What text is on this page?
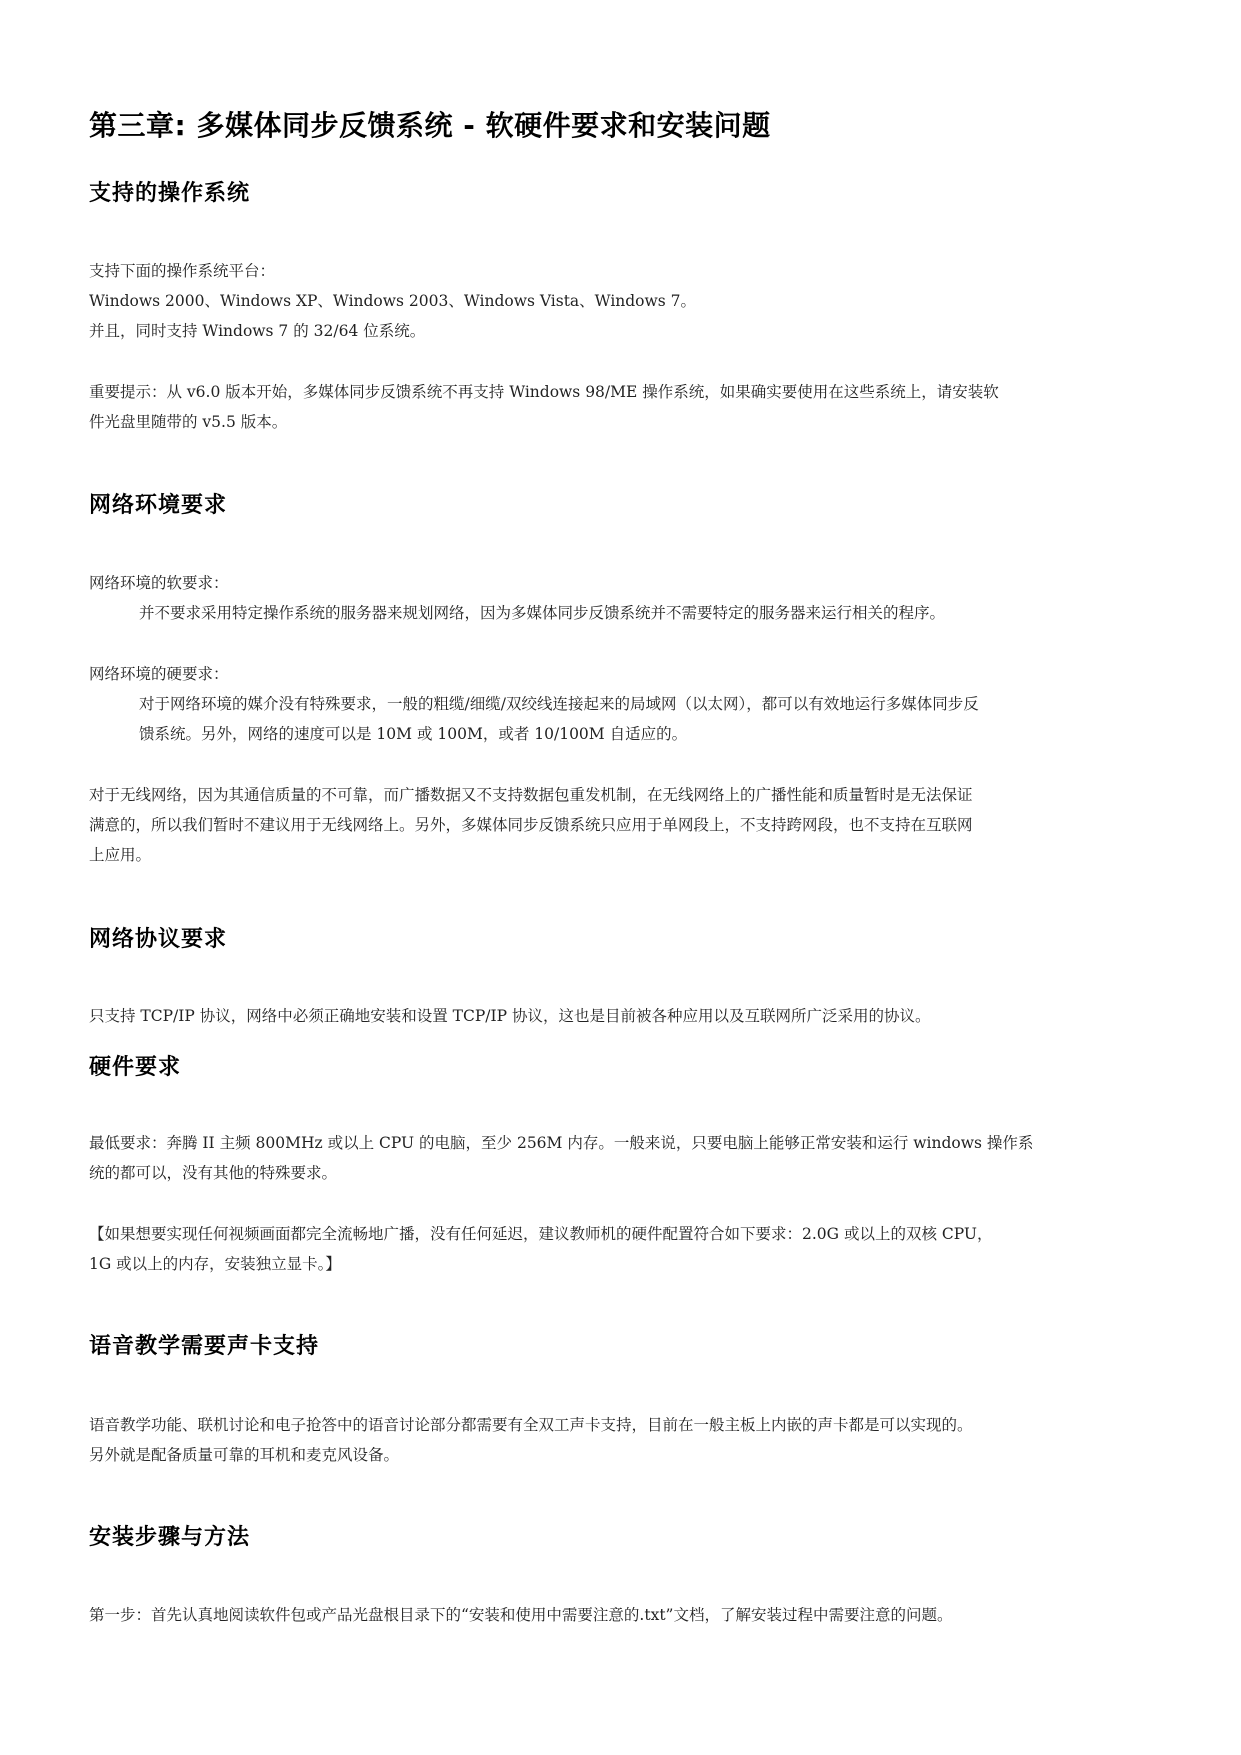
第三章: 多媒体同步反馈系统 - 软硬件要求和安装问题
支持的操作系统
支持下面的操作系统平台：
Windows 2000、Windows XP、Windows 2003、Windows Vista、Windows 7。
并且，同时支持 Windows 7 的 32/64 位系统。
重要提示：从 v6.0 版本开始，多媒体同步反馈系统不再支持 Windows 98/ME 操作系统，如果确实要使用在这些系统上，请安装软
件光盘里随带的 v5.5 版本。
网络环境要求
网络环境的软要求：
并不要求采用特定操作系统的服务器来规划网络，因为多媒体同步反馈系统并不需要特定的服务器来运行相关的程序。
网络环境的硬要求：
对于网络环境的媒介没有特殊要求，一般的粗缆/细缆/双绞线连接起来的局域网（以太网），都可以有效地运行多媒体同步反
馈系统。另外，网络的速度可以是 10M 或 100M，或者 10/100M 自适应的。
对于无线网络，因为其通信质量的不可靠，而广播数据又不支持数据包重发机制，在无线网络上的广播性能和质量暂时是无法保证
满意的，所以我们暂时不建议用于无线网络上。另外，多媒体同步反馈系统只应用于单网段上，不支持跨网段，也不支持在互联网
上应用。
网络协议要求
只支持 TCP/IP 协议，网络中必须正确地安装和设置 TCP/IP 协议，这也是目前被各种应用以及互联网所广泛采用的协议。
硬件要求
最低要求：奔腾 II 主频 800MHz 或以上 CPU 的电脑，至少 256M 内存。一般来说，只要电脑上能够正常安装和运行 windows 操作系
统的都可以，没有其他的特殊要求。
【如果想要实现任何视频画面都完全流畅地广播，没有任何延迟，建议教师机的硬件配置符合如下要求：2.0G 或以上的双核 CPU，
1G 或以上的内存，安装独立显卡。】
语音教学需要声卡支持
语音教学功能、联机讨论和电子抢答中的语音讨论部分都需要有全双工声卡支持，目前在一般主板上内嵌的声卡都是可以实现的。
另外就是配备质量可靠的耳机和麦克风设备。
安装步骤与方法
第一步：首先认真地阅读软件包或产品光盘根目录下的“安装和使用中需要注意的.txt”文档，了解安装过程中需要注意的问题。
